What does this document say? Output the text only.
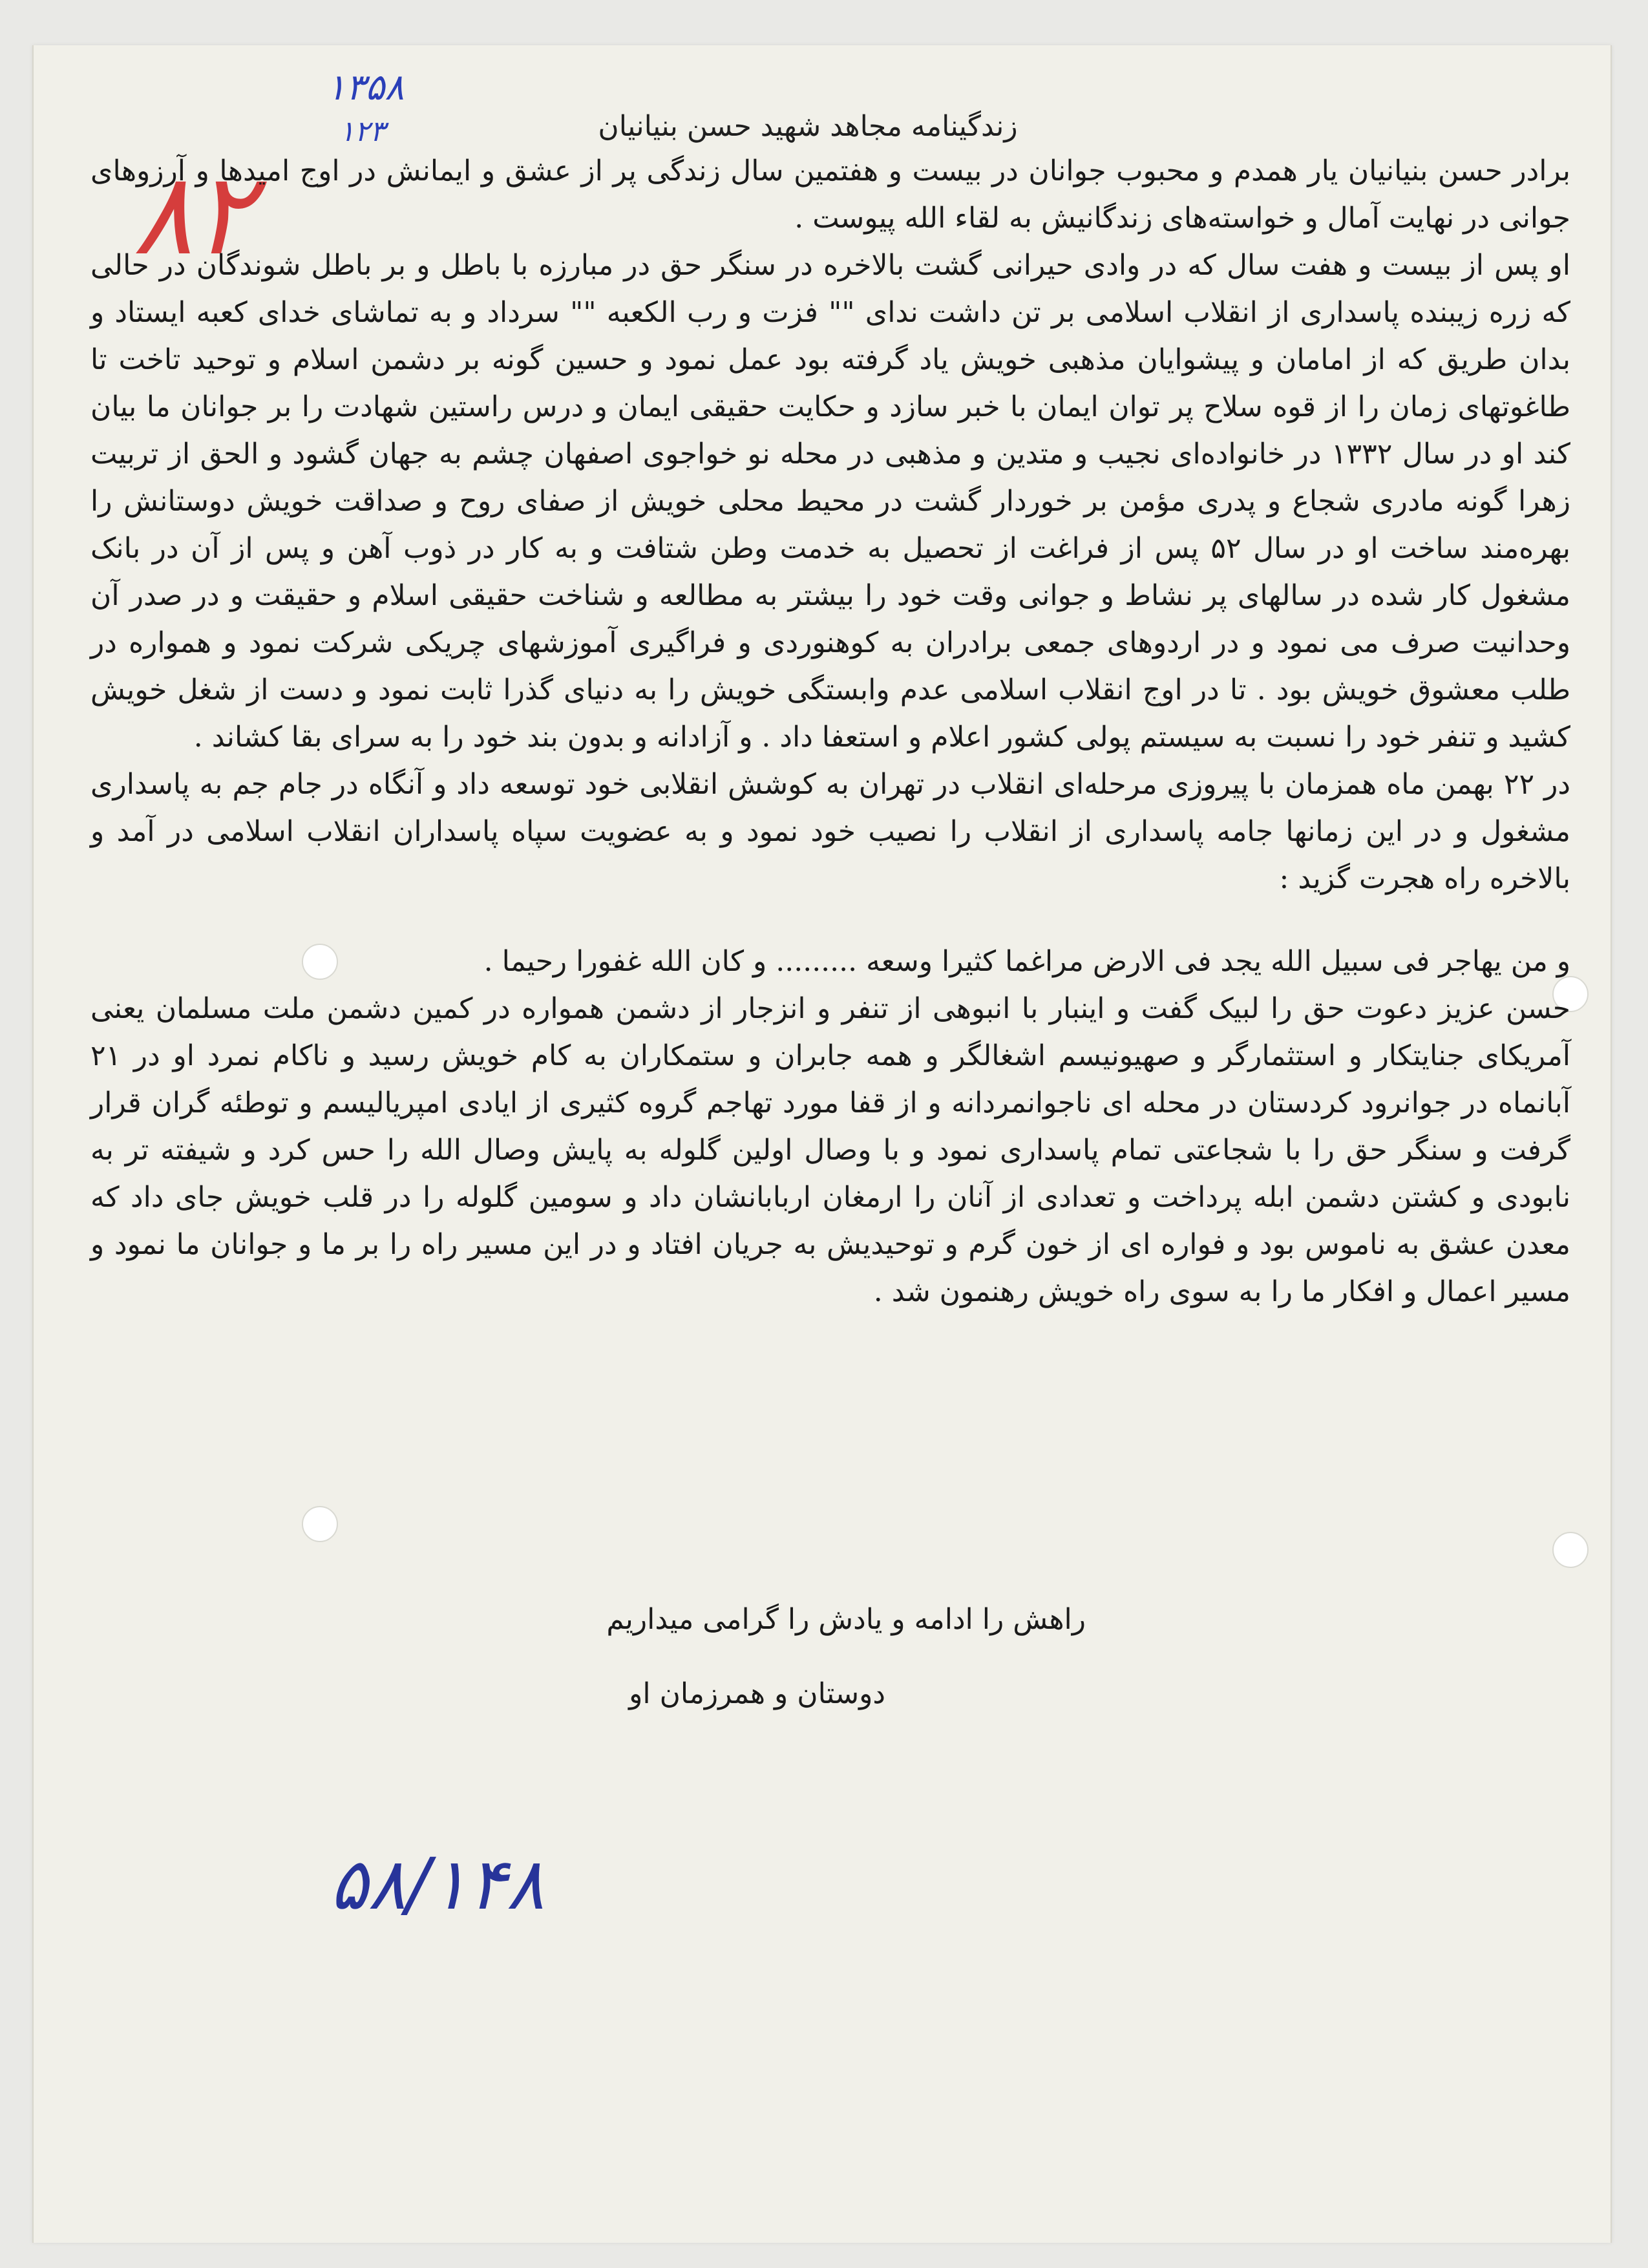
۱۳۵۸
۱۲۳
۸۲
زندگینامه مجاهد شهید حسن بنیانیان

برادر حسن بنیانیان یار همدم و محبوب جوانان در بیست و هفتمین سال زندگی پر از عشق و ایمانش در اوج امیدها و آرزوهای جوانی در نهایت آمال و خواسته‌های زندگانیش به لقاء الله پیوست .

او پس از بیست و هفت سال که در وادی حیرانی گشت بالاخره در سنگر حق در مبارزه با باطل و بر باطل شوندگان در حالی که زره زیبنده پاسداری از انقلاب اسلامی بر تن داشت ندای "" فزت و رب الکعبه "" سرداد و به تماشای خدای کعبه ایستاد و بدان طریق که از امامان و پیشوایان مذهبی خویش یاد گرفته بود عمل نمود و حسین گونه بر دشمن اسلام و توحید تاخت تا طاغوتهای زمان را از قوه سلاح پر توان ایمان با خبر سازد و حکایت حقیقی ایمان و درس راستین شهادت را بر جوانان ما بیان کند او در سال ۱۳۳۲ در خانواده‌ای نجیب و متدین و مذهبی در محله نو خواجوی اصفهان چشم به جهان گشود و الحق از تربیت زهرا گونه مادری شجاع و پدری مؤمن بر خوردار گشت در محیط محلی خویش از صفای روح و صداقت خویش دوستانش را بهره‌مند ساخت او در سال ۵۲ پس از فراغت از تحصیل به خدمت وطن شتافت و به کار در ذوب آهن و پس از آن در بانک مشغول کار شده در سالهای پر نشاط و جوانی وقت خود را بیشتر به مطالعه و شناخت حقیقی اسلام و حقیقت و در صدر آن وحدانیت صرف می نمود و در اردوهای جمعی برادران به کوهنوردی و فراگیری آموزشهای چریکی شرکت نمود و همواره در طلب معشوق خویش بود . تا در اوج انقلاب اسلامی عدم وابستگی خویش را به دنیای گذرا ثابت نمود و دست از شغل خویش کشید و تنفر خود را نسبت به سیستم پولی کشور اعلام و استعفا داد . و آزادانه و بدون بند خود را به سرای بقا کشاند .

در ۲۲ بهمن ماه همزمان با پیروزی مرحله‌ای انقلاب در تهران به کوشش انقلابی خود توسعه داد و آنگاه در جام جم به پاسداری مشغول و در این زمانها جامه پاسداری از انقلاب را نصیب خود نمود و به عضویت سپاه پاسداران انقلاب اسلامی در آمد و بالاخره راه هجرت گزید :

و من یهاجر فی سبیل الله یجد فی الارض مراغما کثیرا وسعه ......... و کان الله غفورا رحیما .

حسن عزیز دعوت حق را لبیک گفت و اینبار با انبوهی از تنفر و انزجار از دشمن همواره در کمین دشمن ملت مسلمان یعنی آمریکای جنایتکار و استثمارگر و صهیونیسم اشغالگر و همه جابران و ستمکاران به کام خویش رسید و ناکام نمرد او در ۲۱ آبانماه در جوانرود کردستان در محله ای ناجوانمردانه و از قفا مورد تهاجم گروه کثیری از ایادی امپریالیسم و توطئه گران قرار گرفت و سنگر حق را با شجاعتی تمام پاسداری نمود و با وصال اولین گلوله به پایش وصال الله را حس کرد و شیفته تر به نابودی و کشتن دشمن ابله پرداخت و تعدادی از آنان را ارمغان اربابانشان داد و سومین گلوله را در قلب خویش جای داد که معدن عشق به ناموس بود و فواره ای از خون گرم و توحیدیش به جریان افتاد و در این مسیر راه را بر ما و جوانان ما نمود و مسیر اعمال و افکار ما را به سوی راه خویش رهنمون شد .

راهش را ادامه و یادش را گرامی میداریم
دوستان و همرزمان او
۵۸/۱۴۸
